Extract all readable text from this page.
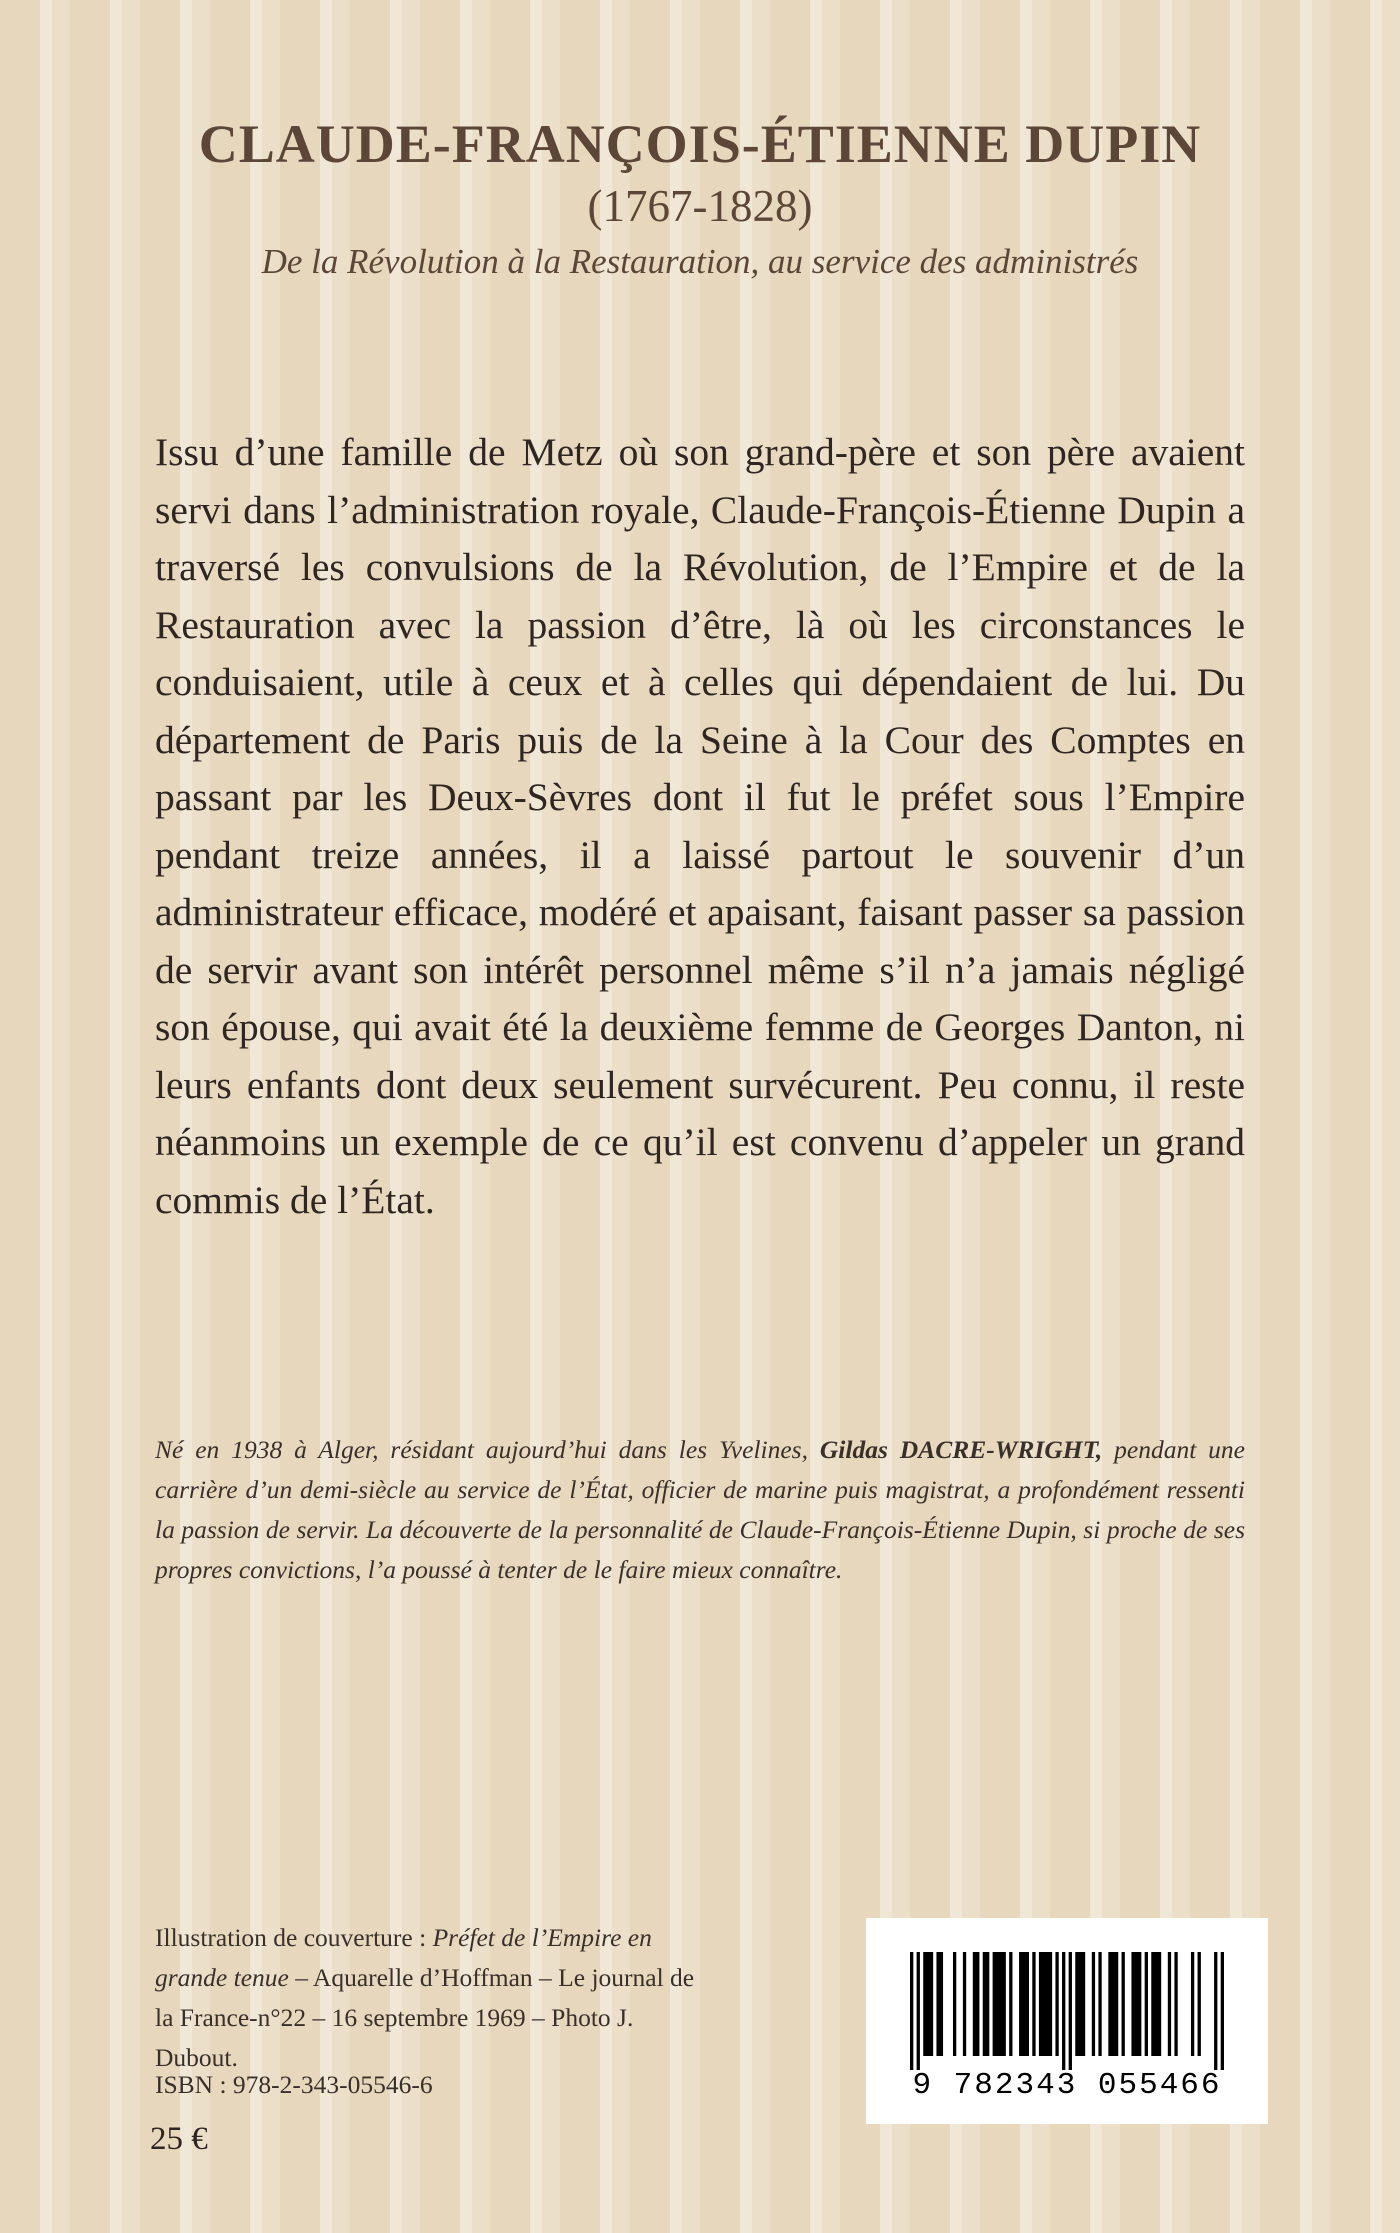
CLAUDE-FRANÇOIS-ÉTIENNE DUPIN

(1767-1828)

De la Révolution à la Restauration, au service des administrés

Issu d’une famille de Metz où son grand-père et son père avaient servi dans l’administration royale, Claude-François-Étienne Dupin a traversé les convulsions de la Révolution, de l’Empire et de la Restauration avec la passion d’être, là où les circonstances le conduisaient, utile à ceux et à celles qui dépendaient de lui. Du département de Paris puis de la Seine à la Cour des Comptes en passant par les Deux-Sèvres dont il fut le préfet sous l’Empire pendant treize années, il a laissé partout le souvenir d’un administrateur efficace, modéré et apaisant, faisant passer sa passion de servir avant son intérêt personnel même s’il n’a jamais négligé son épouse, qui avait été la deuxième femme de Georges Danton, ni leurs enfants dont deux seulement survécurent. Peu connu, il reste néanmoins un exemple de ce qu’il est convenu d’appeler un grand commis de l’État.

Né en 1938 à Alger, résidant aujourd’hui dans les Yvelines, Gildas DACRE-WRIGHT, pendant une carrière d’un demi-siècle au service de l’État, officier de marine puis magistrat, a profondément ressenti la passion de servir. La découverte de la personnalité de Claude-François-Étienne Dupin, si proche de ses propres convictions, l’a poussé à tenter de le faire mieux connaître.

Illustration de couverture : Préfet de l’Empire en grande tenue – Aquarelle d’Hoffman – Le journal de la France-n°22 – 16 septembre 1969 – Photo J. Dubout.

ISBN : 978-2-343-05546-6

25 €

9 782343 055466
